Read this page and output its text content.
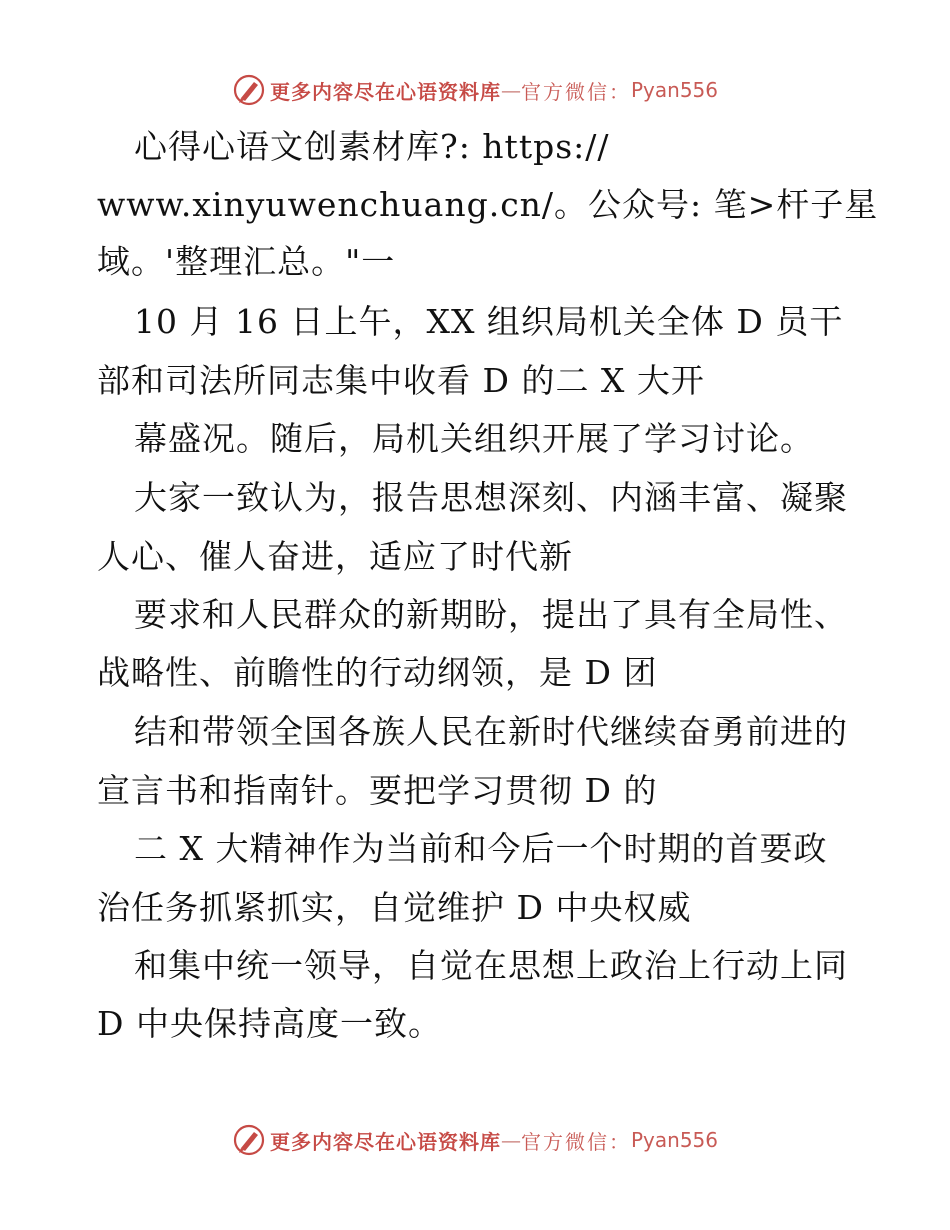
更多内容尽在心语资料库 — 官方微信： Pyan556
心得心语文创素材库?: https://
www.xinyuwenchuang.cn/。公众号: 笔>杆子星
域。'整理汇总。"一
10 月 16 日上午，XX 组织局机关全体 D 员干
部和司法所同志集中收看 D 的二 X 大开
幕盛况。随后，局机关组织开展了学习讨论。
大家一致认为，报告思想深刻、内涵丰富、凝聚
人心、催人奋进，适应了时代新
要求和人民群众的新期盼，提出了具有全局性、
战略性、前瞻性的行动纲领，是 D 团
结和带领全国各族人民在新时代继续奋勇前进的
宣言书和指南针。要把学习贯彻 D 的
二 X 大精神作为当前和今后一个时期的首要政
治任务抓紧抓实，自觉维护 D 中央权威
和集中统一领导，自觉在思想上政治上行动上同
D 中央保持高度一致。
更多内容尽在心语资料库 — 官方微信： Pyan556
